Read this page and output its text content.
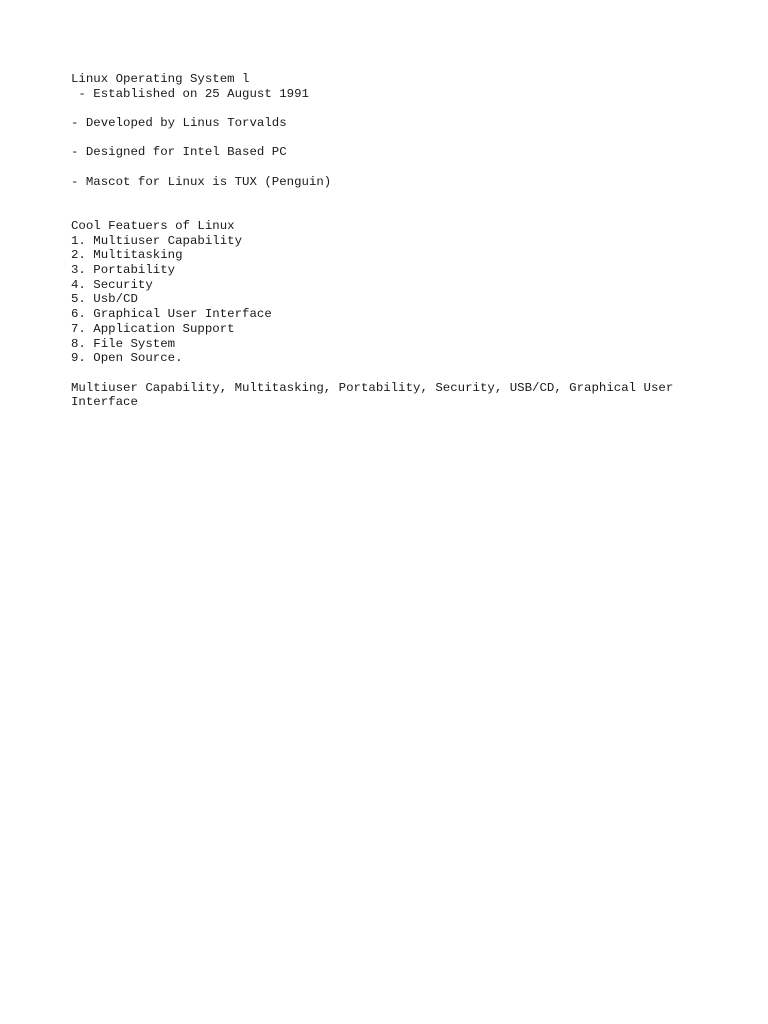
Linux Operating System l

- Established on 25 August 1991

- Developed by Linus Torvalds

- Designed for Intel Based PC

- Mascot for Linux is TUX (Penguin)

Cool Featuers of Linux

1. Multiuser Capability

2. Multitasking

3. Portability

4. Security

5. Usb/CD

6. Graphical User Interface

7. Application Support

8. File System

9. Open Source.

Multiuser Capability, Multitasking, Portability, Security, USB/CD, Graphical User Interface
